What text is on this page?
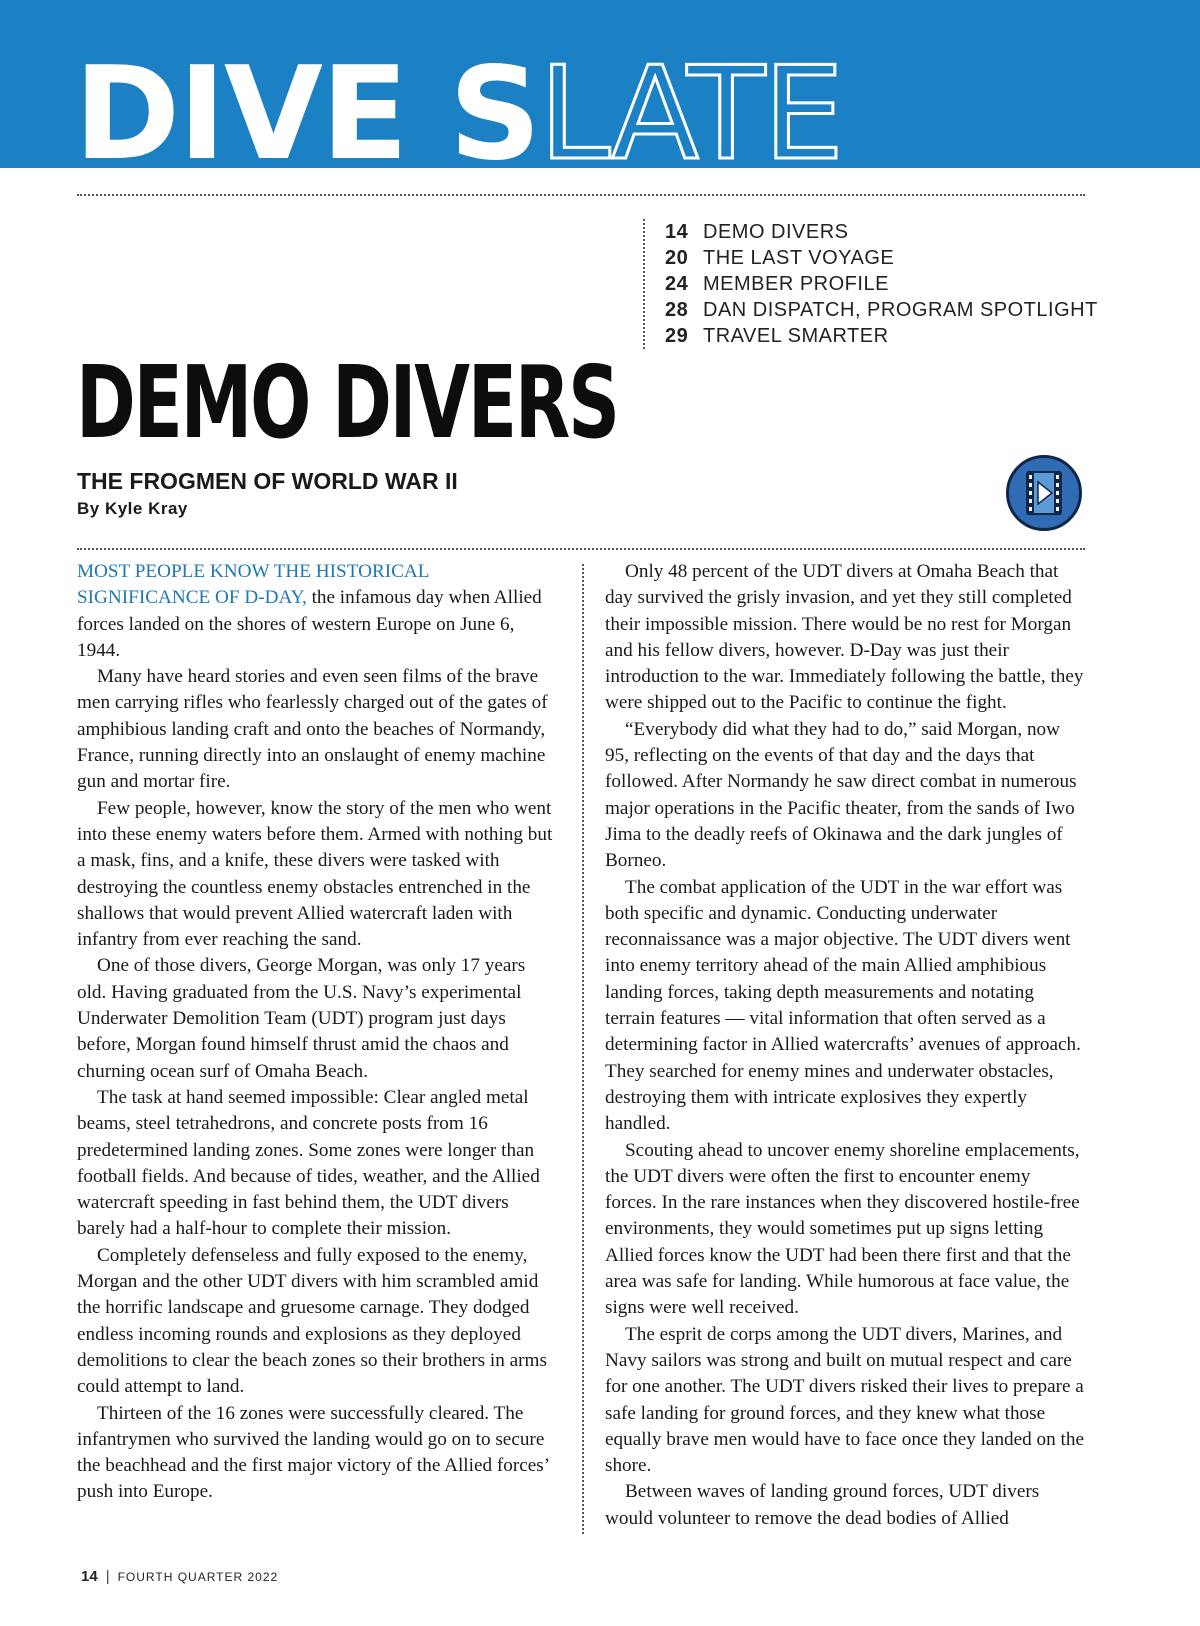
DIVE SLATE
14 DEMO DIVERS
20 THE LAST VOYAGE
24 MEMBER PROFILE
28 DAN DISPATCH, PROGRAM SPOTLIGHT
29 TRAVEL SMARTER
DEMO DIVERS
THE FROGMEN OF WORLD WAR II
By Kyle Kray

MOST PEOPLE KNOW THE HISTORICAL SIGNIFICANCE OF D-DAY, the infamous day when Allied forces landed on the shores of western Europe on June 6, 1944.

Many have heard stories and even seen films of the brave men carrying rifles who fearlessly charged out of the gates of amphibious landing craft and onto the beaches of Normandy, France, running directly into an onslaught of enemy machine gun and mortar fire.

Few people, however, know the story of the men who went into these enemy waters before them. Armed with nothing but a mask, fins, and a knife, these divers were tasked with destroying the countless enemy obstacles entrenched in the shallows that would prevent Allied watercraft laden with infantry from ever reaching the sand.

One of those divers, George Morgan, was only 17 years old. Having graduated from the U.S. Navy’s experimental Underwater Demolition Team (UDT) program just days before, Morgan found himself thrust amid the chaos and churning ocean surf of Omaha Beach.

The task at hand seemed impossible: Clear angled metal beams, steel tetrahedrons, and concrete posts from 16 predetermined landing zones. Some zones were longer than football fields. And because of tides, weather, and the Allied watercraft speeding in fast behind them, the UDT divers barely had a half-hour to complete their mission.

Completely defenseless and fully exposed to the enemy, Morgan and the other UDT divers with him scrambled amid the horrific landscape and gruesome carnage. They dodged endless incoming rounds and explosions as they deployed demolitions to clear the beach zones so their brothers in arms could attempt to land.

Thirteen of the 16 zones were successfully cleared. The infantrymen who survived the landing would go on to secure the beachhead and the first major victory of the Allied forces’ push into Europe.

Only 48 percent of the UDT divers at Omaha Beach that day survived the grisly invasion, and yet they still completed their impossible mission. There would be no rest for Morgan and his fellow divers, however. D-Day was just their introduction to the war. Immediately following the battle, they were shipped out to the Pacific to continue the fight.

“Everybody did what they had to do,” said Morgan, now 95, reflecting on the events of that day and the days that followed. After Normandy he saw direct combat in numerous major operations in the Pacific theater, from the sands of Iwo Jima to the deadly reefs of Okinawa and the dark jungles of Borneo.

The combat application of the UDT in the war effort was both specific and dynamic. Conducting underwater reconnaissance was a major objective. The UDT divers went into enemy territory ahead of the main Allied amphibious landing forces, taking depth measurements and notating terrain features — vital information that often served as a determining factor in Allied watercrafts’ avenues of approach. They searched for enemy mines and underwater obstacles, destroying them with intricate explosives they expertly handled.

Scouting ahead to uncover enemy shoreline emplacements, the UDT divers were often the first to encounter enemy forces. In the rare instances when they discovered hostile-free environments, they would sometimes put up signs letting Allied forces know the UDT had been there first and that the area was safe for landing. While humorous at face value, the signs were well received.

The esprit de corps among the UDT divers, Marines, and Navy sailors was strong and built on mutual respect and care for one another. The UDT divers risked their lives to prepare a safe landing for ground forces, and they knew what those equally brave men would have to face once they landed on the shore.

Between waves of landing ground forces, UDT divers would volunteer to remove the dead bodies of Allied

14 | FOURTH QUARTER 2022
